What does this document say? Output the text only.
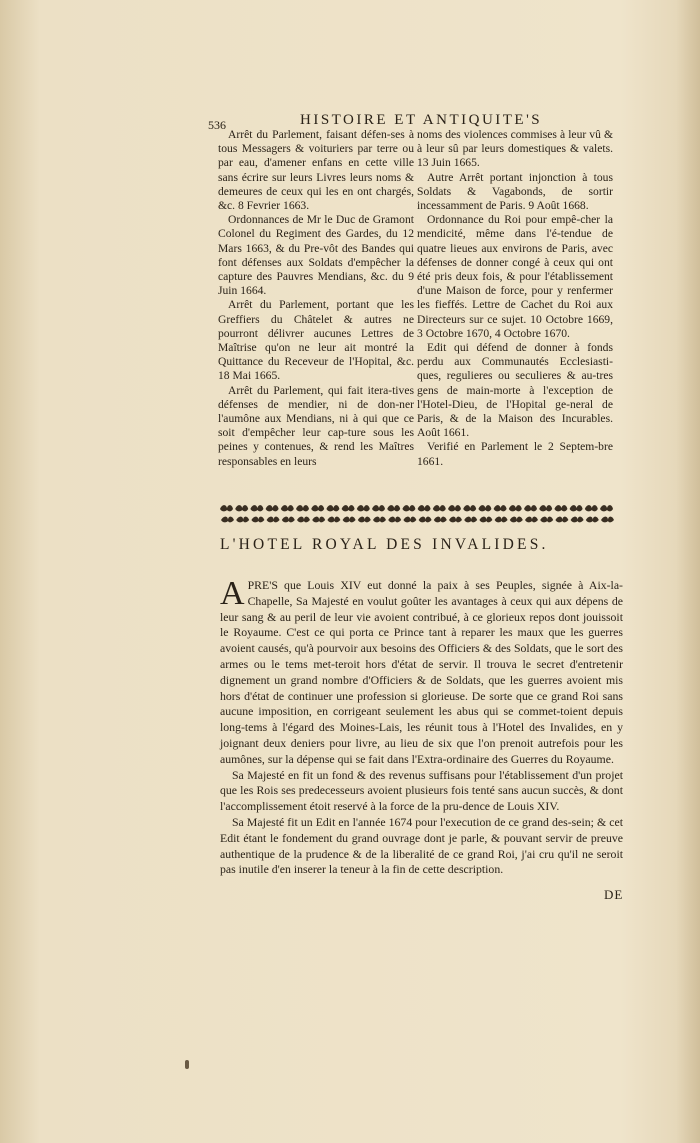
536	HISTOIRE ET ANTIQUITE'S

Arrêt du Parlement, faisant défen-ses à tous Messagers & voituriers par terre ou par eau, d'amener enfans en cette ville sans écrire sur leurs Livres leurs noms & demeures de ceux qui les en ont chargés, &c. 8 Fevrier 1663.

Ordonnances de Mr le Duc de Gramont Colonel du Regiment des Gardes, du 12 Mars 1663, & du Pre-vôt des Bandes qui font défenses aux Soldats d'empêcher la capture des Pauvres Mendians, &c. du 9 Juin 1664.

Arrêt du Parlement, portant que les Greffiers du Châtelet & autres ne pourront délivrer aucunes Lettres de Maîtrise qu'on ne leur ait montré la Quittance du Receveur de l'Hopital, &c. 18 Mai 1665.

Arrêt du Parlement, qui fait itera-tives défenses de mendier, ni de don-ner l'aumône aux Mendians, ni à qui que ce soit d'empêcher leur cap-ture sous les peines y contenues, & rend les Maîtres responsables en leurs

noms des violences commises à leur vû & à leur sû par leurs domestiques & valets. 13 Juin 1665.

Autre Arrêt portant injonction à tous Soldats & Vagabonds, de sortir incessamment de Paris. 9 Août 1668.

Ordonnance du Roi pour empê-cher la mendicité, même dans l'é-tendue de quatre lieues aux environs de Paris, avec défenses de donner congé à ceux qui ont été pris deux fois, & pour l'établissement d'une Maison de force, pour y renfermer les fieffés. Lettre de Cachet du Roi aux Directeurs sur ce sujet. 10 Octobre 1669, 3 Octobre 1670, 4 Octobre 1670.

Edit qui défend de donner à fonds perdu aux Communautés Ecclesiasti-ques, regulieres ou seculieres & au-tres gens de main-morte à l'exception de l'Hotel-Dieu, de l'Hopital ge-neral de Paris, & de la Maison des Incurables. Août 1661.

Verifié en Parlement le 2 Septem-bre 1661.

L'HOTEL ROYAL DES INVALIDES.

APRE'S que Louis XIV eut donné la paix à ses Peuples, signée à Aix-la-Chapelle, Sa Majesté en voulut goûter les avantages à ceux qui aux dépens de leur sang & au peril de leur vie avoient contribué, à ce glorieux repos dont jouissoit le Royaume. C'est ce qui porta ce Prince tant à reparer les maux que les guerres avoient causés, qu'à pourvoir aux besoins des Officiers & des Soldats, que le sort des armes ou le tems met-teroit hors d'état de servir. Il trouva le secret d'entretenir dignement un grand nombre d'Officiers & de Soldats, que les guerres avoient mis hors d'état de continuer une profession si glorieuse. De sorte que ce grand Roi sans aucune imposition, en corrigeant seulement les abus qui se commet-toient depuis long-tems à l'égard des Moines-Lais, les réunit tous à l'Hotel des Invalides, en y joignant deux deniers pour livre, au lieu de six que l'on prenoit autrefois pour les aumônes, sur la dépense qui se fait dans l'Extra-ordinaire des Guerres du Royaume.

Sa Majesté en fit un fond & des revenus suffisans pour l'établissement d'un projet que les Rois ses predecesseurs avoient plusieurs fois tenté sans aucun succès, & dont l'accomplissement étoit reservé à la force de la pru-dence de Louis XIV.

Sa Majesté fit un Edit en l'année 1674 pour l'execution de ce grand des-sein; & cet Edit étant le fondement du grand ouvrage dont je parle, & pouvant servir de preuve authentique de la prudence & de la liberalité de ce grand Roi, j'ai cru qu'il ne seroit pas inutile d'en inserer la teneur à la fin de cette description.

DE
